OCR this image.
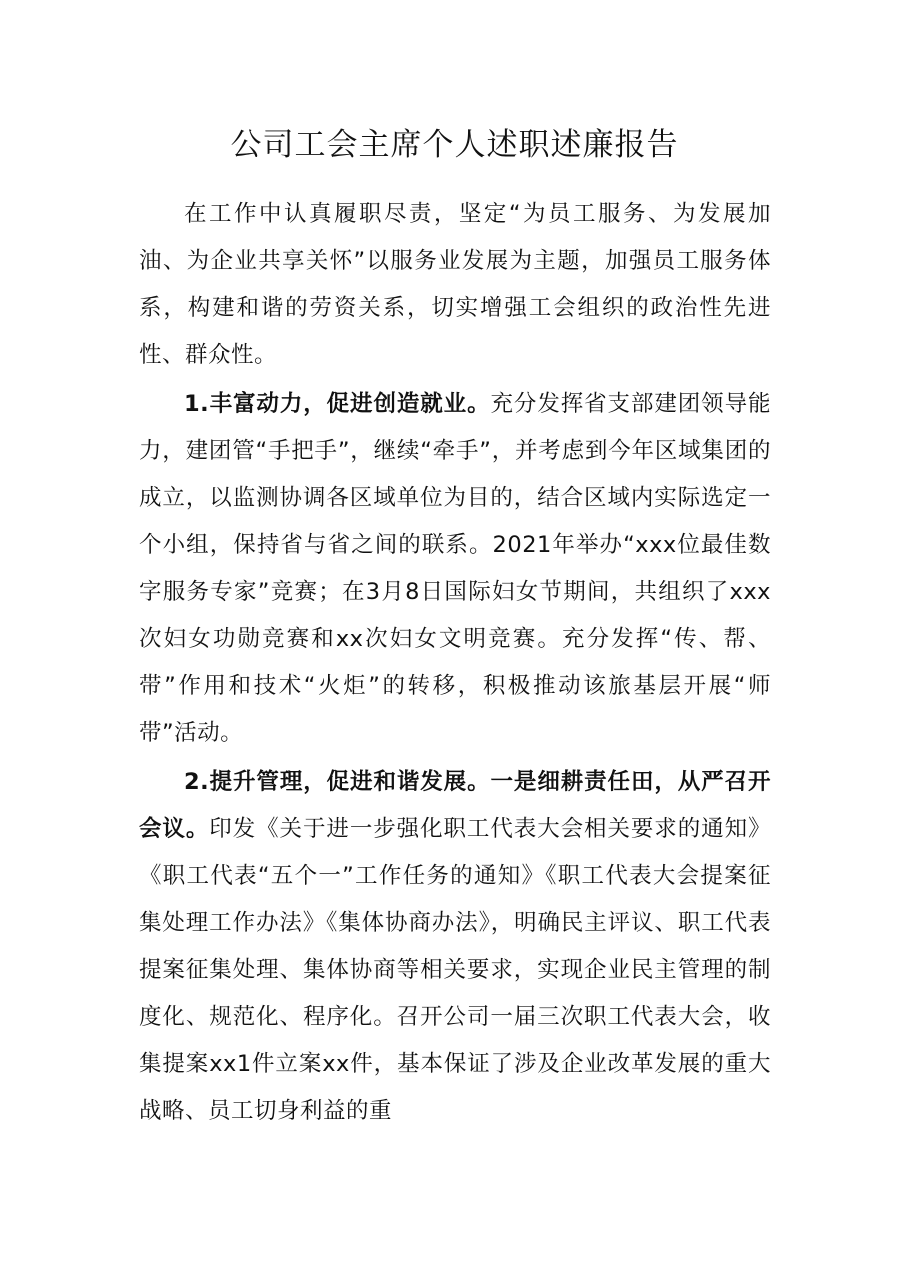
公司工会主席个人述职述廉报告

在工作中认真履职尽责，坚定“为员工服务、为发展加油、为企业共享关怀”以服务业发展为主题，加强员工服务体系，构建和谐的劳资关系，切实增强工会组织的政治性先进性、群众性。

1.丰富动力，促进创造就业。充分发挥省支部建团领导能力，建团管“手把手”，继续“牵手”，并考虑到今年区域集团的成立，以监测协调各区域单位为目的，结合区域内实际选定一个小组，保持省与省之间的联系。2021年举办“xxx位最佳数字服务专家”竞赛；在3月8日国际妇女节期间，共组织了xxx次妇女功勋竞赛和xx次妇女文明竞赛。充分发挥“传、帮、带”作用和技术“火炬”的转移，积极推动该旅基层开展“师带”活动。

2.提升管理，促进和谐发展。一是细耕责任田，从严召开会议。印发《关于进一步强化职工代表大会相关要求的通知》《职工代表“五个一”工作任务的通知》《职工代表大会提案征集处理工作办法》《集体协商办法》，明确民主评议、职工代表提案征集处理、集体协商等相关要求，实现企业民主管理的制度化、规范化、程序化。召开公司一届三次职工代表大会，收集提案xx1件立案xx件，基本保证了涉及企业改革发展的重大战略、员工切身利益的重
